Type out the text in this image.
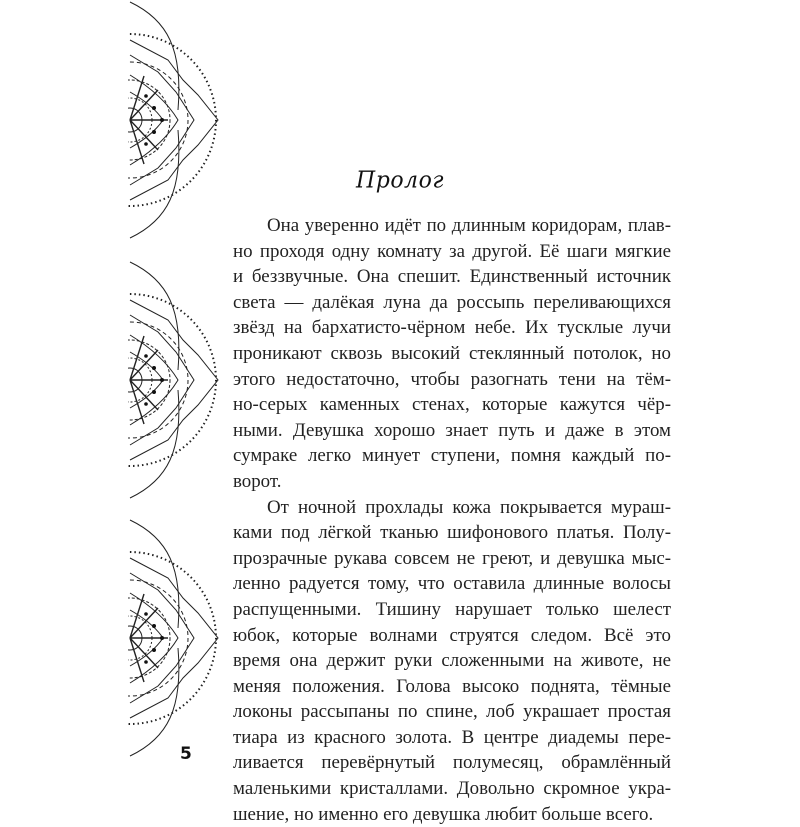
Пролог

Она уверенно идёт по длинным коридорам, плав-
но проходя одну комнату за другой. Её шаги мягкие
и беззвучные. Она спешит. Единственный источник
света — далёкая луна да россыпь переливающихся
звёзд на бархатисто-чёрном небе. Их тусклые лучи
проникают сквозь высокий стеклянный потолок, но
этого недостаточно, чтобы разогнать тени на тём-
но-серых каменных стенах, которые кажутся чёр-
ными. Девушка хорошо знает путь и даже в этом
сумраке легко минует ступени, помня каждый по-
ворот.

От ночной прохлады кожа покрывается мураш-
ками под лёгкой тканью шифонового платья. Полу-
прозрачные рукава совсем не греют, и девушка мыс-
ленно радуется тому, что оставила длинные волосы
распущенными. Тишину нарушает только шелест
юбок, которые волнами струятся следом. Всё это
время она держит руки сложенными на животе, не
меняя положения. Голова высоко поднята, тёмные
локоны рассыпаны по спине, лоб украшает простая
тиара из красного золота. В центре диадемы пере-
ливается перевёрнутый полумесяц, обрамлённый
маленькими кристаллами. Довольно скромное укра-
шение, но именно его девушка любит больше всего.

5
